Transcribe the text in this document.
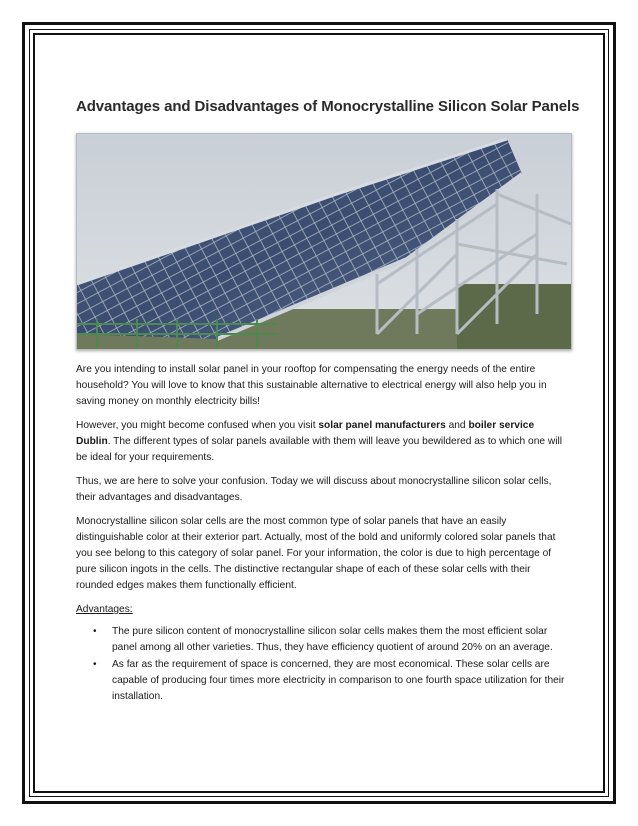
Advantages and Disadvantages of Monocrystalline Silicon Solar Panels

Are you intending to install solar panel in your rooftop for compensating the energy needs of the entire household? You will love to know that this sustainable alternative to electrical energy will also help you in saving money on monthly electricity bills!

However, you might become confused when you visit solar panel manufacturers and boiler service Dublin. The different types of solar panels available with them will leave you bewildered as to which one will be ideal for your requirements.

Thus, we are here to solve your confusion. Today we will discuss about monocrystalline silicon solar cells, their advantages and disadvantages.

Monocrystalline silicon solar cells are the most common type of solar panels that have an easily distinguishable color at their exterior part. Actually, most of the bold and uniformly colored solar panels that you see belong to this category of solar panel. For your information, the color is due to high percentage of pure silicon ingots in the cells. The distinctive rectangular shape of each of these solar cells with their rounded edges makes them functionally efficient.

Advantages:

• The pure silicon content of monocrystalline silicon solar cells makes them the most efficient solar panel among all other varieties. Thus, they have efficiency quotient of around 20% on an average.
• As far as the requirement of space is concerned, they are most economical. These solar cells are capable of producing four times more electricity in comparison to one fourth space utilization for their installation.
